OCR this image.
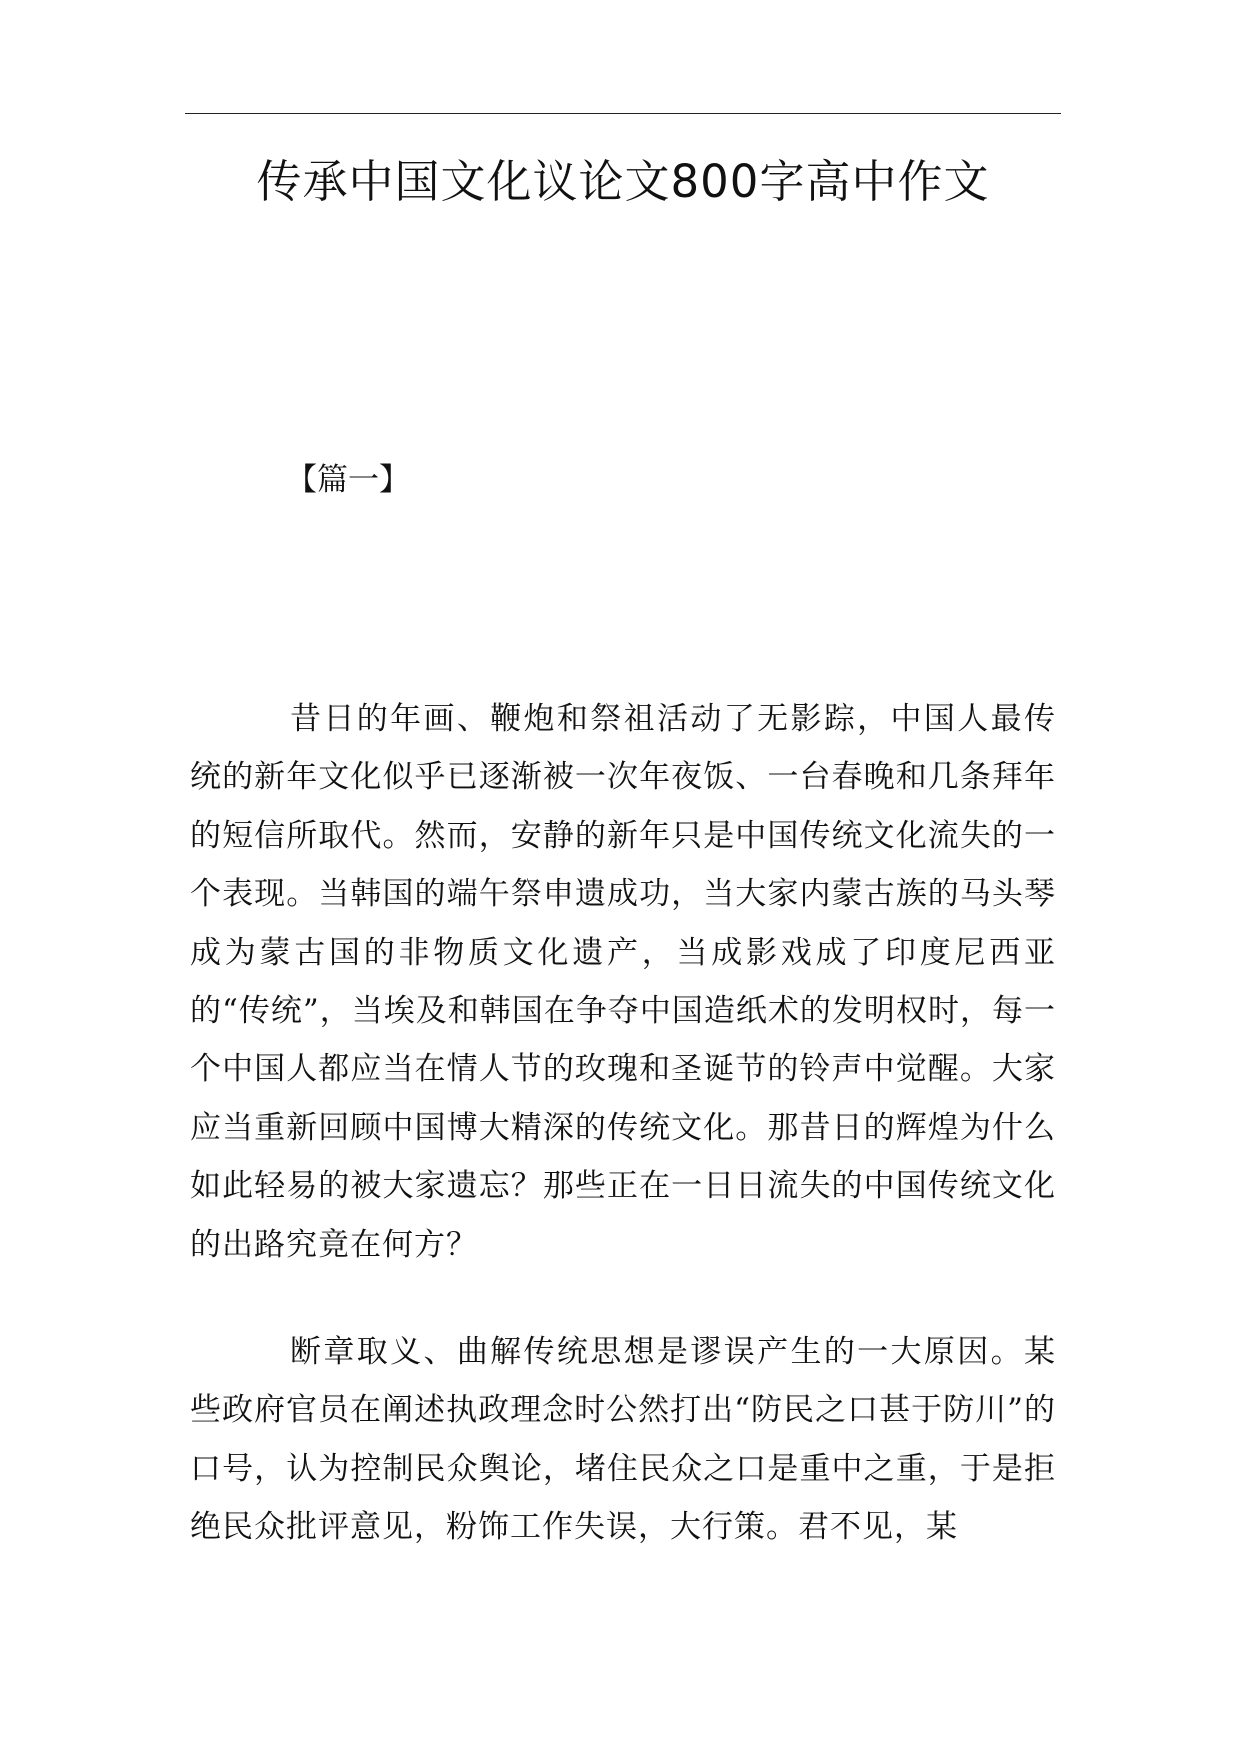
传承中国文化议论文800字高中作文
【篇一】

昔日的年画、鞭炮和祭祖活动了无影踪，中国人最传统的新年文化似乎已逐渐被一次年夜饭、一台春晚和几条拜年的短信所取代。然而，安静的新年只是中国传统文化流失的一个表现。当韩国的端午祭申遗成功，当大家内蒙古族的马头琴成为蒙古国的非物质文化遗产，当成影戏成了印度尼西亚的“传统”，当埃及和韩国在争夺中国造纸术的发明权时，每一个中国人都应当在情人节的玫瑰和圣诞节的铃声中觉醒。大家应当重新回顾中国博大精深的传统文化。那昔日的辉煌为什么如此轻易的被大家遗忘？那些正在一日日流失的中国传统文化的出路究竟在何方？

断章取义、曲解传统思想是谬误产生的一大原因。某些政府官员在阐述执政理念时公然打出“防民之口甚于防川”的口号，认为控制民众舆论，堵住民众之口是重中之重，于是拒绝民众批评意见，粉饰工作失误，大行策。君不见，某
